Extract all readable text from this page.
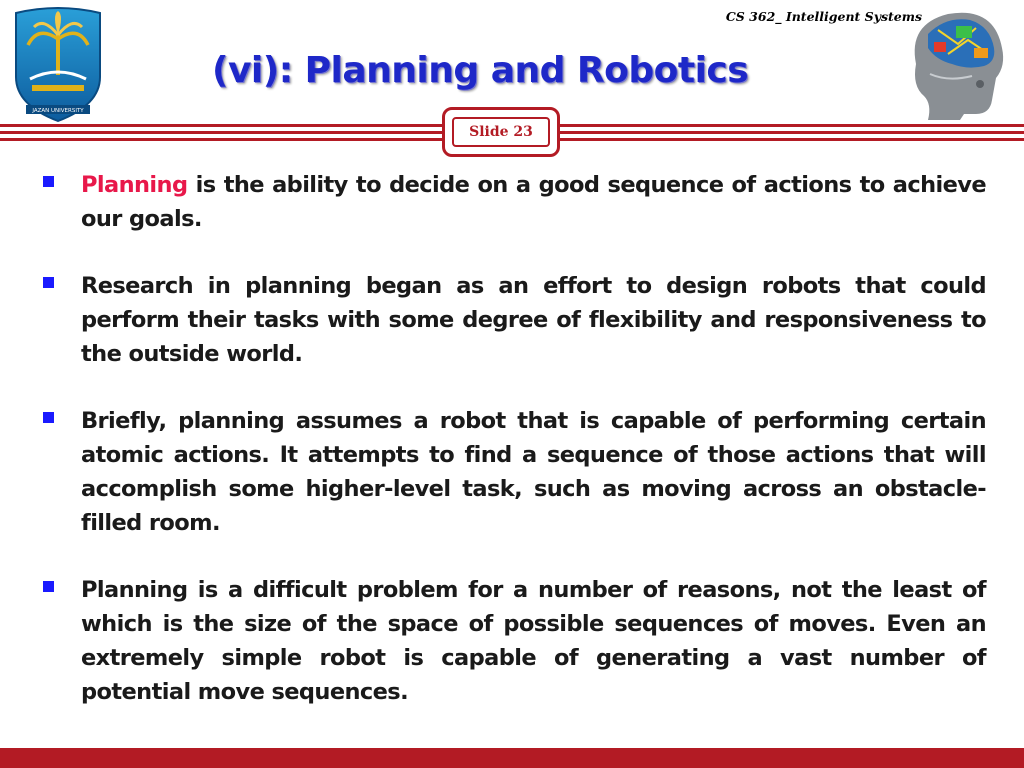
CS 362_ Intelligent Systems
JAZAN UNIVERSITY
(vi): Planning and Robotics
Slide 23
Planning is the ability to decide on a good sequence of actions to achieve our goals.
Research in planning began as an effort to design robots that could perform their tasks with some degree of flexibility and responsiveness to the outside world.
Briefly, planning assumes a robot that is capable of performing certain atomic actions. It attempts to find a sequence of those actions that will accomplish some higher-level task, such as moving across an obstacle-filled room.
Planning is a difficult problem for a number of reasons, not the least of which is the size of the space of possible sequences of moves. Even an extremely simple robot is capable of generating a vast number of potential move sequences.
